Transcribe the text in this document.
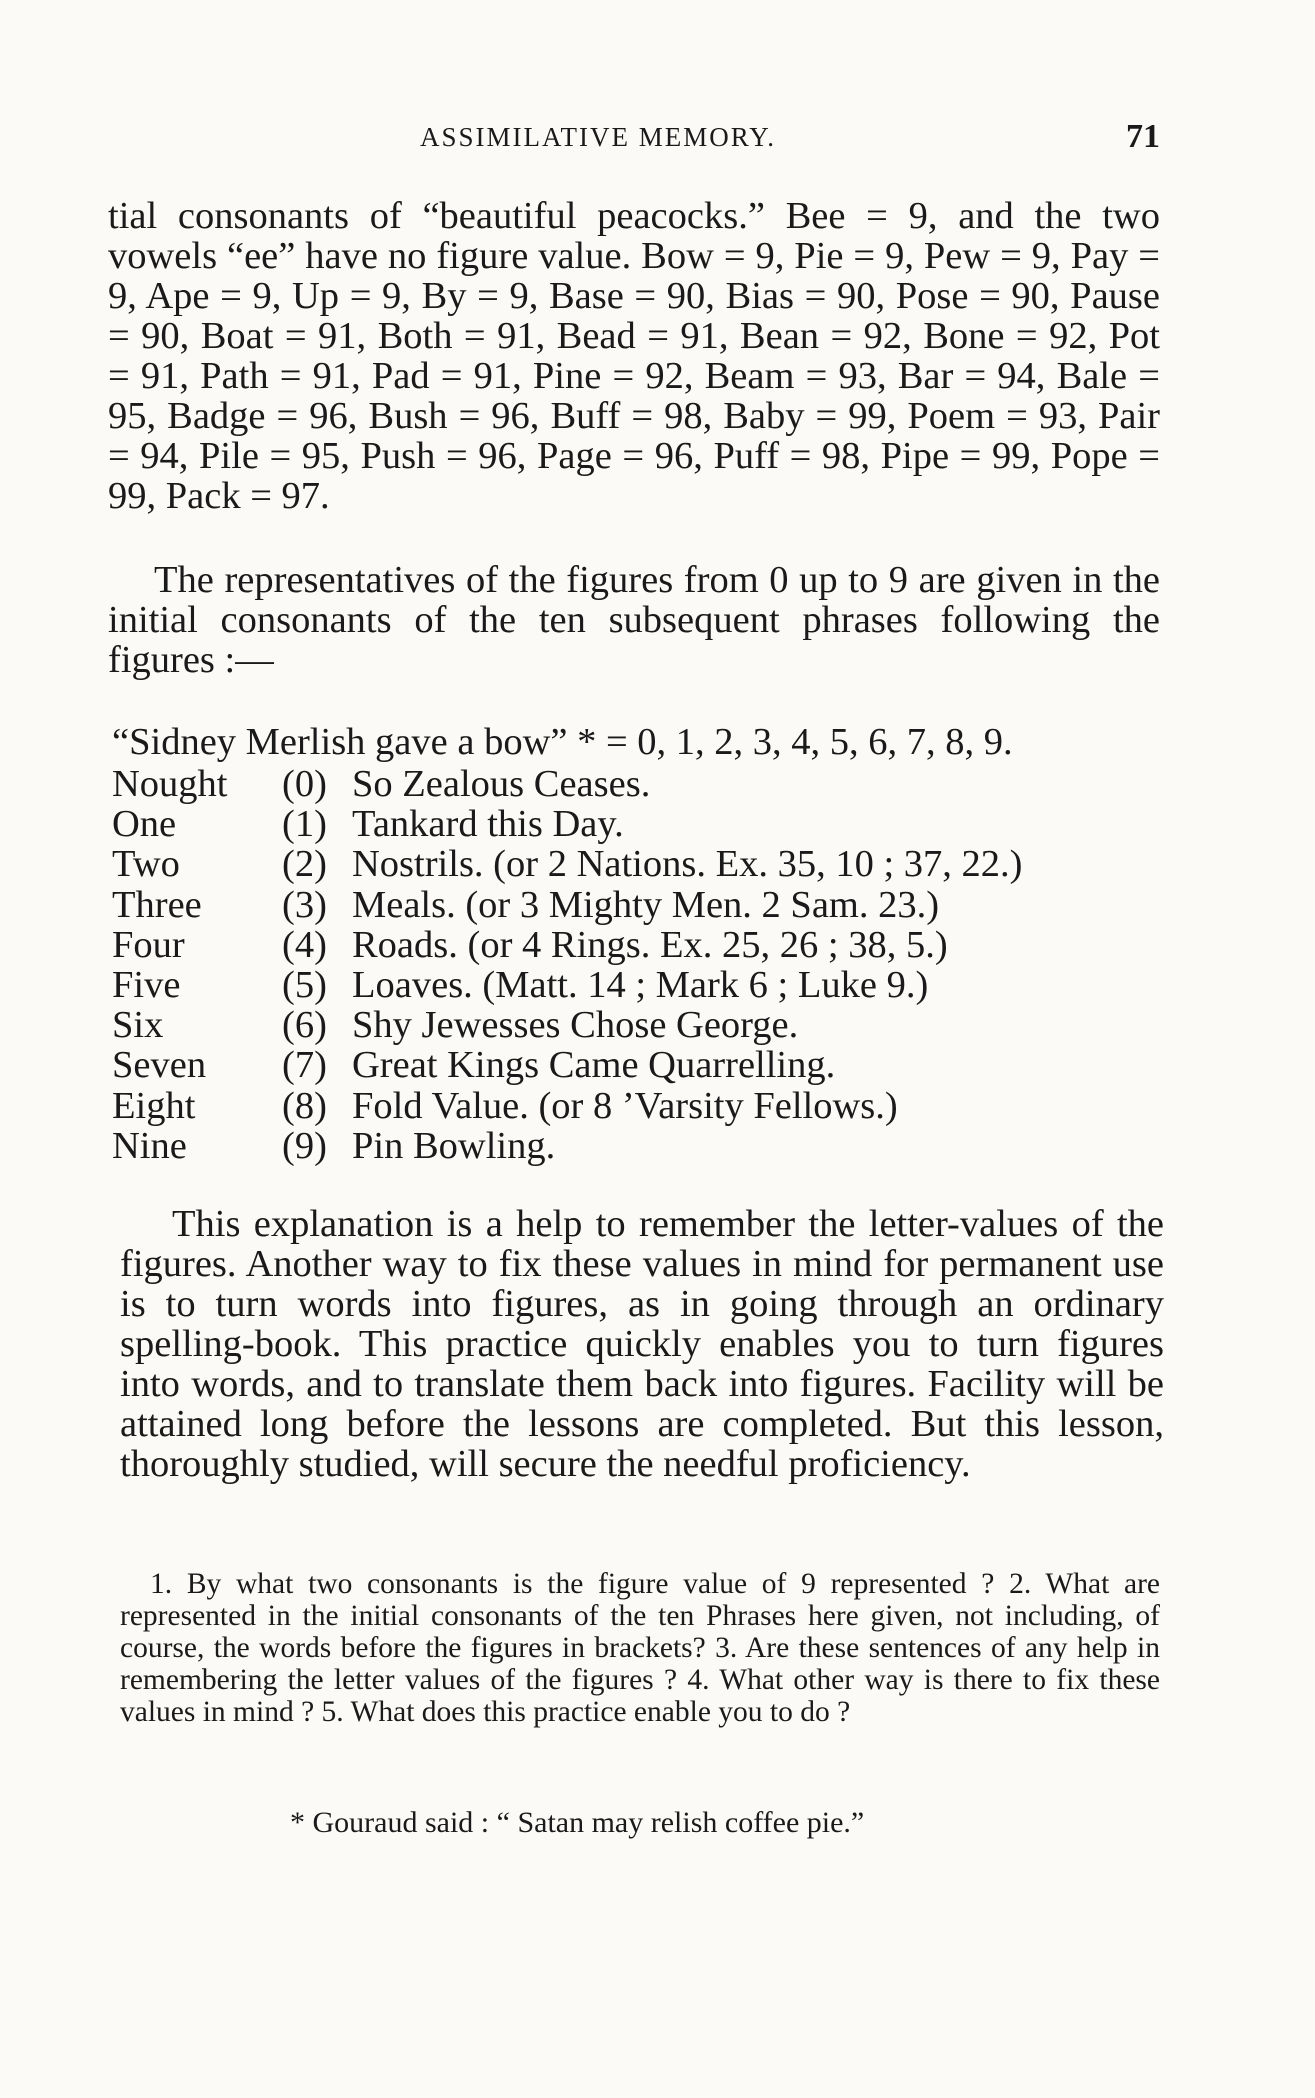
ASSIMILATIVE MEMORY.	71
tial consonants of “beautiful peacocks.” Bee = 9, and the two vowels “ee” have no figure value. Bow = 9, Pie = 9, Pew = 9, Pay = 9, Ape = 9, Up = 9, By = 9, Base = 90, Bias = 90, Pose = 90, Pause = 90, Boat = 91, Both = 91, Bead = 91, Bean = 92, Bone = 92, Pot = 91, Path = 91, Pad = 91, Pine = 92, Beam = 93, Bar = 94, Bale = 95, Badge = 96, Bush = 96, Buff = 98, Baby = 99, Poem = 93, Pair = 94, Pile = 95, Push = 96, Page = 96, Puff = 98, Pipe = 99, Pope = 99, Pack = 97.
The representatives of the figures from 0 up to 9 are given in the initial consonants of the ten subsequent phrases following the figures :—
“Sidney Merlish gave a bow” * = 0, 1, 2, 3, 4, 5, 6, 7, 8, 9.
Nought (0) So Zealous Ceases.
One	(1) Tankard this Day.
Two	(2) Nostrils. (or 2 Nations. Ex. 35, 10 ; 37, 22.)
Three (3) Meals. (or 3 Mighty Men. 2 Sam. 23.)
Four	(4) Roads. (or 4 Rings. Ex. 25, 26 ; 38, 5.)
Five	(5) Loaves. (Matt. 14 ; Mark 6 ; Luke 9.)
Six	(6) Shy Jewesses Chose George.
Seven (7) Great Kings Came Quarrelling.
Eight (8) Fold Value. (or 8 ’Varsity Fellows.)
Nine (9) Pin Bowling.
This explanation is a help to remember the letter-values of the figures. Another way to fix these values in mind for permanent use is to turn words into figures, as in going through an ordinary spelling-book. This practice quickly enables you to turn figures into words, and to translate them back into figures. Facility will be attained long before the lessons are completed. But this lesson, thoroughly studied, will secure the needful proficiency.
1. By what two consonants is the figure value of 9 represented ? 2. What are represented in the initial consonants of the ten Phrases here given, not including, of course, the words before the figures in brackets? 3. Are these sentences of any help in remembering the letter values of the figures ? 4. What other way is there to fix these values in mind ? 5. What does this practice enable you to do ?
* Gouraud said : “ Satan may relish coffee pie.”
